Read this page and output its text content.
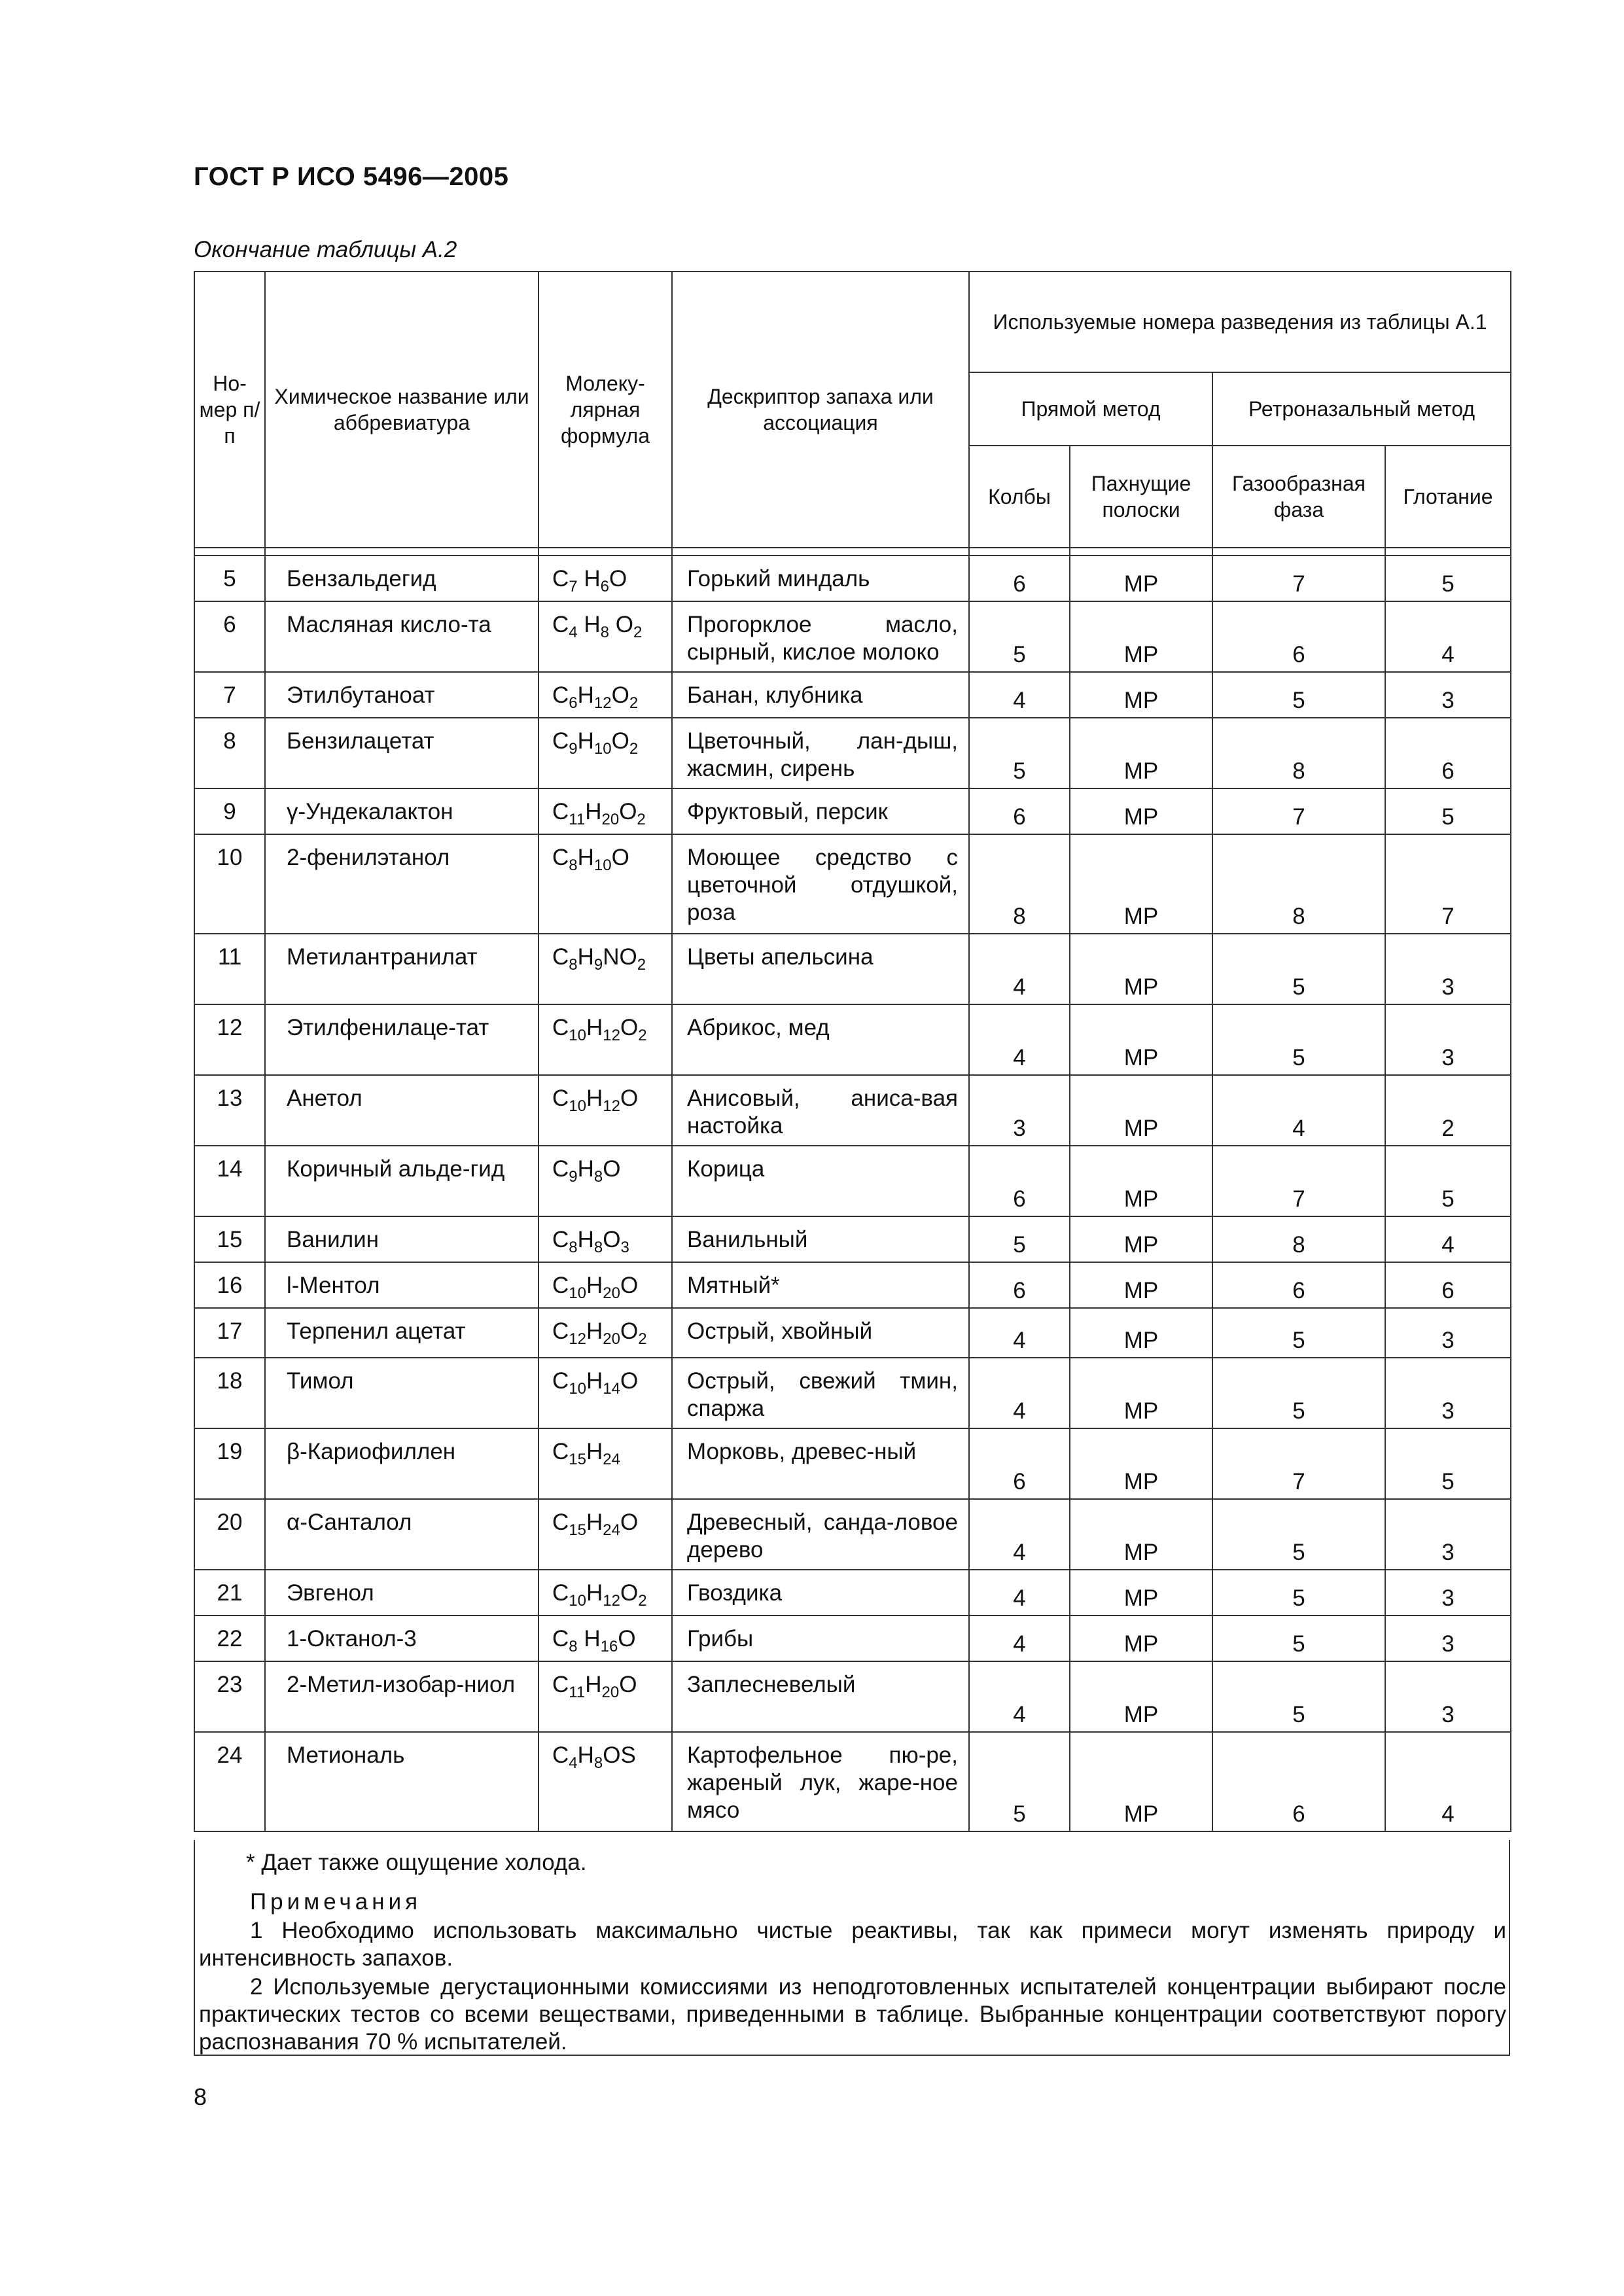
ГОСТ Р ИСО 5496—2005
Окончание таблицы А.2
Но-мер п/п	Химическое название или аббревиатура	Молеку-лярная формула	Дескриптор запаха или ассоциация	Используемые номера разведения из таблицы А.1			
				Прямой метод		Ретроназальный метод	
				Колбы	Пахнущие полоски	Газообразная фаза	Глотание

5	Бензальдегид	$C_7$ $H_6O$	Горький миндаль	6	МР	7	5
6	Масляная кисло-та	$C_4$ $H_8$ $O_2$	Прогорклое масло, сырный, кислое молоко	5	МР	6	4
7	Этилбутаноат	$C_6H_{12}O_2$	Банан, клубника	4	МР	5	3
8	Бензилацетат	$C_9H_{10}O_2$	Цветочный, лан-дыш, жасмин, сирень	5	МР	8	6
9	γ-Ундекалактон	$C_{11}H_{20}O_2$	Фруктовый, персик	6	МР	7	5
10	2-фенилэтанол	$C_8H_{10}O$	Моющее средство с цветочной отдушкой, роза	8	МР	8	7
11	Метилантранилат	$C_8H_9NO_2$	Цветы апельсина	4	МР	5	3
12	Этилфенилаце-тат	$C_{10}H_{12}O_2$	Абрикос, мед	4	МР	5	3
13	Анетол	$C_{10}H_{12}O$	Анисовый, аниса-вая настойка	3	МР	4	2
14	Коричный альде-гид	$C_9H_8O$	Корица	6	МР	7	5
15	Ванилин	$C_8H_8O_3$	Ванильный	5	МР	8	4
16	l-Ментол	$C_{10}H_{20}O$	Мятный*	6	МР	6	6
17	Терпенил ацетат	$C_{12}H_{20}O_2$	Острый, хвойный	4	МР	5	3
18	Тимол	$C_{10}H_{14}O$	Острый, свежий тмин, спаржа	4	МР	5	3
19	β-Кариофиллен	$C_{15}H_{24}$	Морковь, древес-ный	6	МР	7	5
20	α-Санталол	$C_{15}H_{24}O$	Древесный, санда-ловое дерево	4	МР	5	3
21	Эвгенол	$C_{10}H_{12}O_2$	Гвоздика	4	МР	5	3
22	1-Октанол-3	$C_8$ $H_{16}O$	Грибы	4	МР	5	3
23	2-Метил-изобар-ниол	$C_{11}H_{20}O$	Заплесневелый	4	МР	5	3
24	Метиональ	$C_4H_8OS$	Картофельное пю-ре, жареный лук, жаре-ное мясо	5	МР	6	4
* Дает также ощущение холода.
Примечания
1 Необходимо использовать максимально чистые реактивы, так как примеси могут изменять природу и интенсивность запахов.
2 Используемые дегустационными комиссиями из неподготовленных испытателей концентрации выбирают после практических тестов со всеми веществами, приведенными в таблице. Выбранные концентрации соответствуют порогу распознавания 70 % испытателей.
8
